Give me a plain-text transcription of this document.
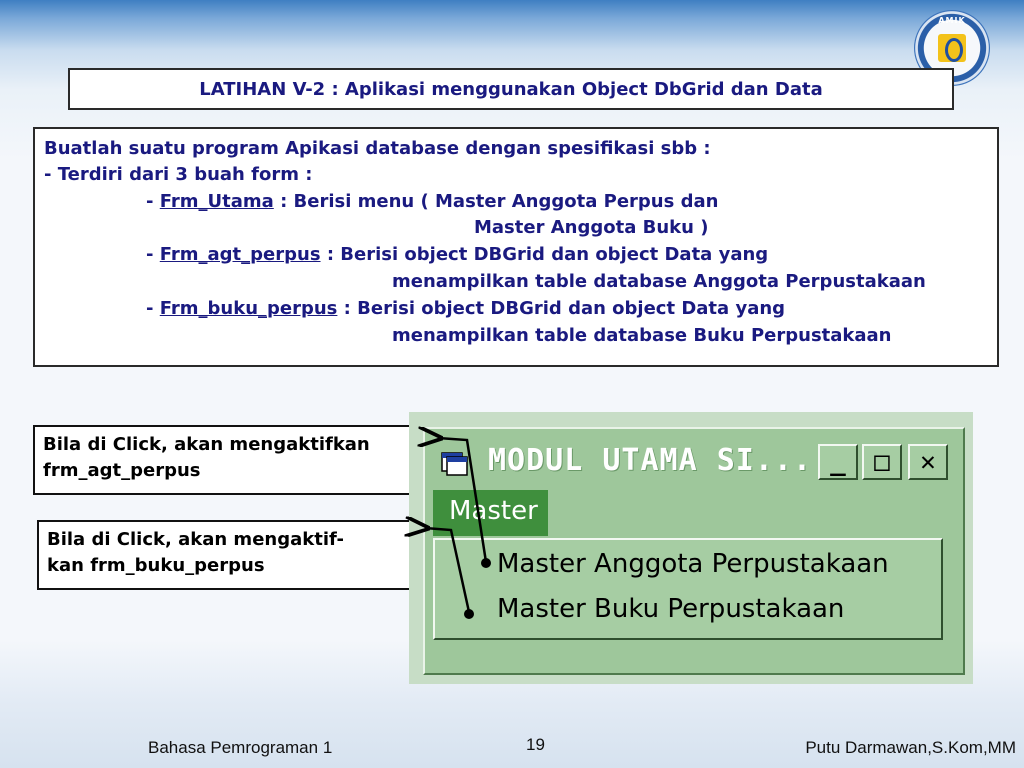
AMIK
LATIHAN V-2 : Aplikasi menggunakan Object DbGrid dan Data
Buatlah suatu program Apikasi database dengan spesifikasi sbb :
- Terdiri dari 3 buah form :
- Frm_Utama : Berisi menu ( Master Anggota Perpus dan
Master Anggota Buku )
- Frm_agt_perpus : Berisi object DBGrid dan object Data yang
menampilkan table database Anggota Perpustakaan
- Frm_buku_perpus : Berisi object DBGrid dan object Data yang
menampilkan table database Buku Perpustakaan
Bila di Click, akan mengaktifkan
frm_agt_perpus
Bila di Click, akan mengaktif-
kan frm_buku_perpus
MODUL UTAMA SI... _ □ ✕
Master
Master Anggota Perpustakaan
Master Buku Perpustakaan
Bahasa Pemrograman 1	19	Putu Darmawan,S.Kom,MM
